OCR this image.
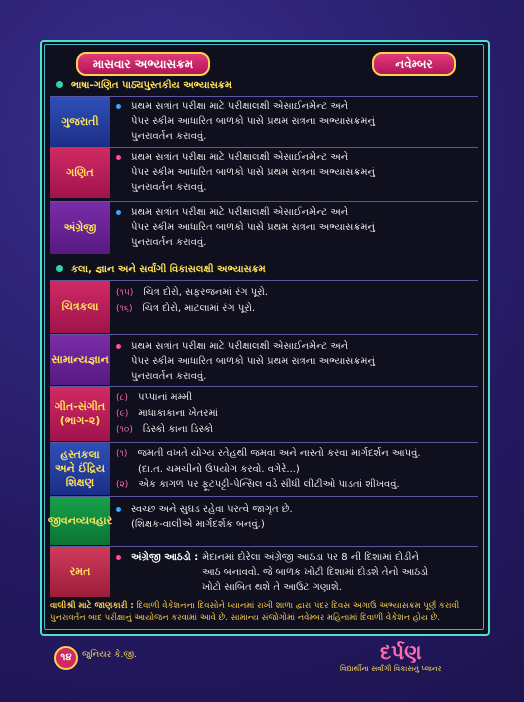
માસવાર અભ્યાસક્રમ	નવેમ્બર
ભાષા-ગણિત પાઠ્યપુસ્તકીય અભ્યાસક્રમ
ગુજરાતી
પ્રથમ સત્રાંત પરીક્ષા માટે પરીક્ષાલક્ષી એસાઈનમેન્ટ અને
પેપર સ્કીમ આધારિત બાળકો પાસે પ્રથમ સત્રના અભ્યાસક્રમનું
પુનરાવર્તન કરાવવું.
ગણિત
પ્રથમ સત્રાંત પરીક્ષા માટે પરીક્ષાલક્ષી એસાઈનમેન્ટ અને
પેપર સ્કીમ આધારિત બાળકો પાસે પ્રથમ સત્રના અભ્યાસક્રમનું
પુનરાવર્તન કરાવવું.
અંગ્રેજી
પ્રથમ સત્રાંત પરીક્ષા માટે પરીક્ષાલક્ષી એસાઈનમેન્ટ અને
પેપર સ્કીમ આધારિત બાળકો પાસે પ્રથમ સત્રના અભ્યાસક્રમનું
પુનરાવર્તન કરાવવું.
કલા, જ્ઞાન અને સર્વાંગી વિકાસલક્ષી અભ્યાસક્રમ
ચિત્રકલા
(૧૫) ચિત્ર દોરો, સફરજનમાં રંગ પૂરો.
(૧૬) ચિત્ર દોરો, માટલામાં રંગ પૂરો.
સામાન્યજ્ઞાન
પ્રથમ સત્રાંત પરીક્ષા માટે પરીક્ષાલક્ષી એસાઈનમેન્ટ અને
પેપર સ્કીમ આધારિત બાળકો પાસે પ્રથમ સત્રના અભ્યાસક્રમનું
પુનરાવર્તન કરાવવું.
ગીત-સંગીત (ભાગ-૨)
(૮) પપ્પાનાં મમ્મી
(૯) માધાકાકાના ખેતરમાં
(૧૦) ડિસ્કો કાના ડિસ્કો
હસ્તકલા અને ઈંદ્રિય શિક્ષણ
(૧) જમતી વખતે યોગ્ય રતેહથી જમવા અને નાસ્તો કરવા માર્ગદર્શન આપવું.
(દા.ત. ચમચીનો ઉપયોગ કરવો. વગેરે...)
(૨) એક કાગળ પર ફૂટપટ્ટી-પેન્સિલ વડે સીધી લીટીઓ પાડતાં શીખવવું.
જીવનવ્યવહાર
સ્વચ્છ અને સુઘડ રહેવા પરત્વે જાગૃત છે.
(શિક્ષક-વાલીએ માર્ગદર્શક બનવું.)
રમત
અંગ્રેજી આઠડો : મેદાનમાં દોરેલા અંગ્રેજી આઠડા પર 8 ની દિશામાં દોડીને
આઠ બનાવવો. જે બાળક ખોટી દિશામાં દોડશે તેનો આઠડો
ખોટો સાબિત થશે તે આઉટ ગણાશે.
વાલીશ્રી માટે જાણકારી : દિવાળી વેકેશનના દિવસોને ધ્યાનમાં રાખી શાળા દ્વારા પંદર દિવસ અગાઉ અભ્યાસક્રમ પૂર્ણ કરાવી પુનરાવર્તન બાદ પરીક્ષાનું આયોજન કરવામાં આવે છે. સામાન્ય સંજોગોમાં નવેમ્બર મહિનામાં દિવાળી વેકેશન હોય છે.
૧૪	જુનિયર કે.જી.	દર્પણ
વિદ્યાર્થીના સર્વાંગી વિકાસનું પ્લાનર
